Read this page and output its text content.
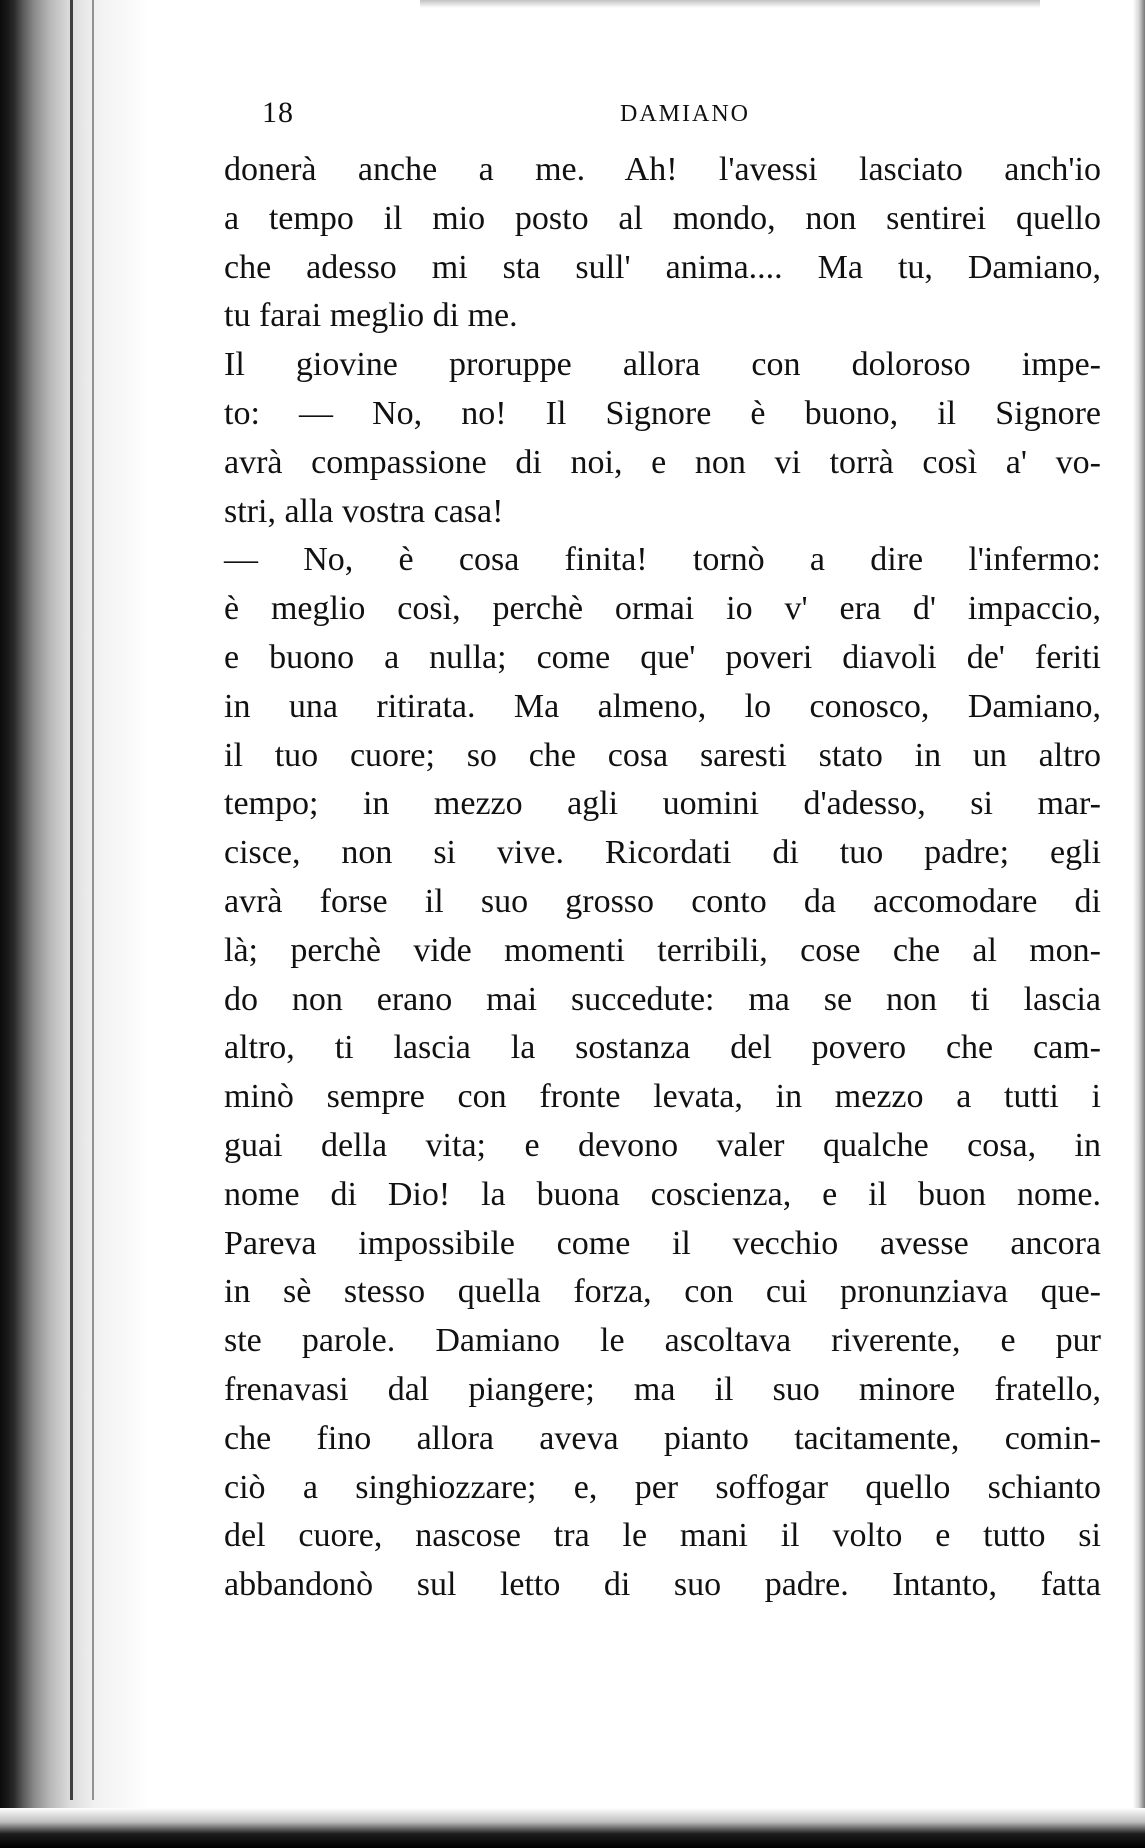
18	DAMIANO
donerà anche a me. Ah! l'avessi lasciato anch'io
a tempo il mio posto al mondo, non sentirei quello
che adesso mi sta sull' anima.... Ma tu, Damiano,
tu farai meglio di me.
Il giovine proruppe allora con doloroso impe-
to: — No, no! Il Signore è buono, il Signore
avrà compassione di noi, e non vi torrà così a' vo-
stri, alla vostra casa!
— No, è cosa finita! tornò a dire l'infermo:
è meglio così, perchè ormai io v' era d' impaccio,
e buono a nulla; come que' poveri diavoli de' feriti
in una ritirata. Ma almeno, lo conosco, Damiano,
il tuo cuore; so che cosa saresti stato in un altro
tempo; in mezzo agli uomini d'adesso, si mar-
cisce, non si vive. Ricordati di tuo padre; egli
avrà forse il suo grosso conto da accomodare di
là; perchè vide momenti terribili, cose che al mon-
do non erano mai succedute: ma se non ti lascia
altro, ti lascia la sostanza del povero che cam-
minò sempre con fronte levata, in mezzo a tutti i
guai della vita; e devono valer qualche cosa, in
nome di Dio! la buona coscienza, e il buon nome.
Pareva impossibile come il vecchio avesse ancora
in sè stesso quella forza, con cui pronunziava que-
ste parole. Damiano le ascoltava riverente, e pur
frenavasi dal piangere; ma il suo minore fratello,
che fino allora aveva pianto tacitamente, comin-
ciò a singhiozzare; e, per soffogar quello schianto
del cuore, nascose tra le mani il volto e tutto si
abbandonò sul letto di suo padre. Intanto, fatta
